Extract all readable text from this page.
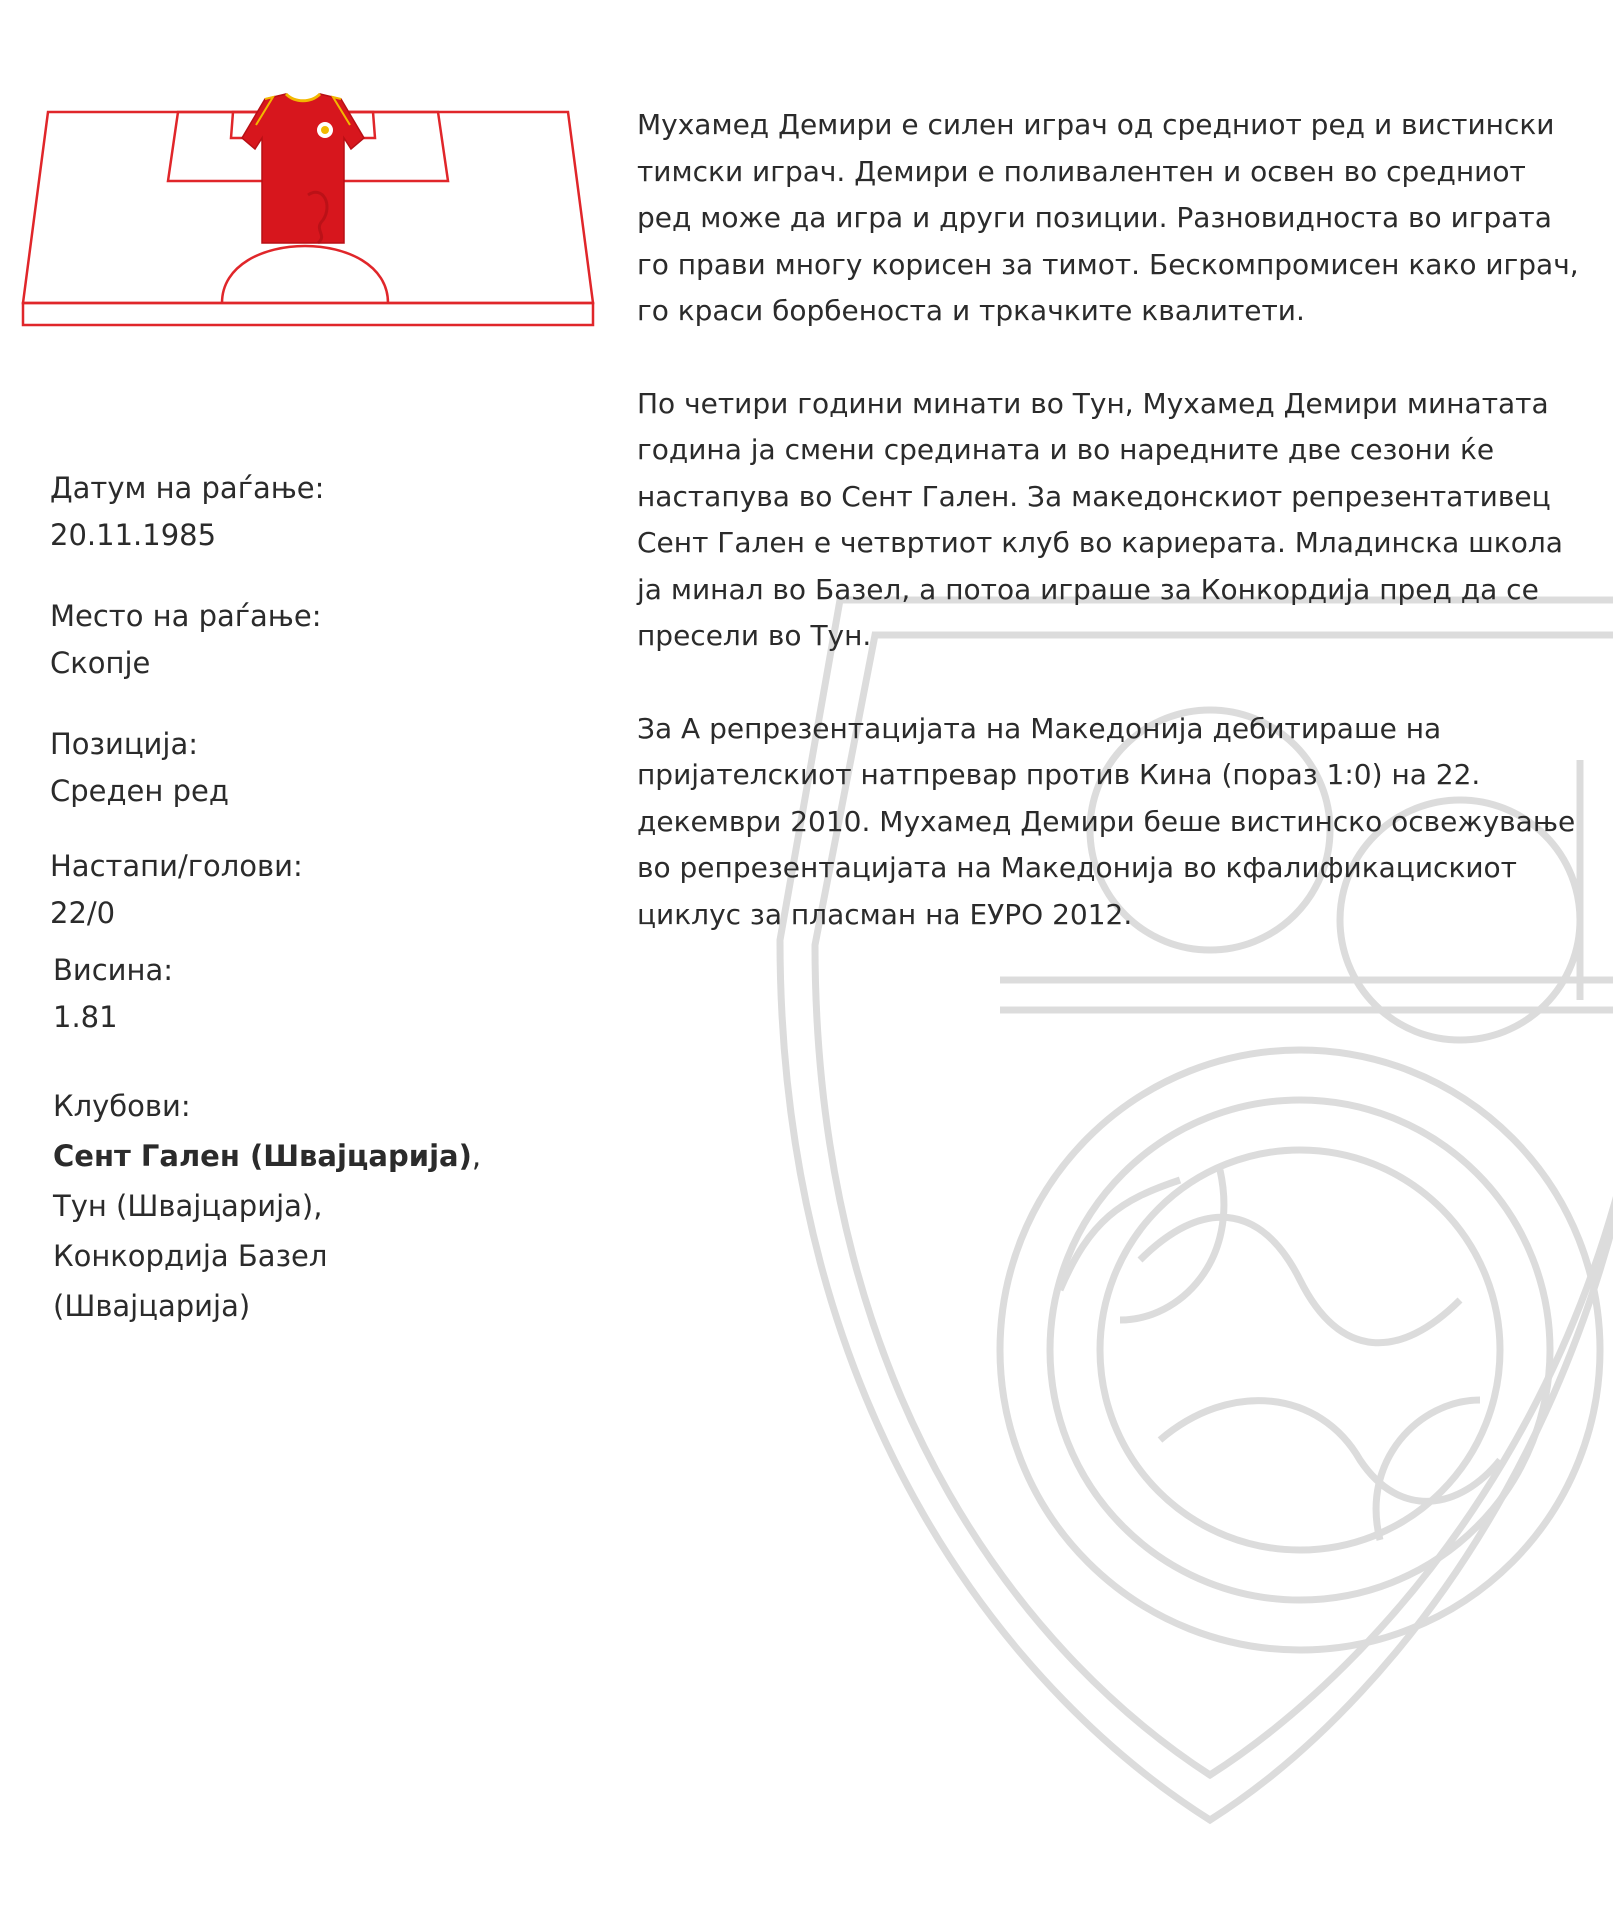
Датум на раѓање:
20.11.1985
Место на раѓање:
Скопје
Позиција:
Среден ред
Настапи/голови:
22/0
Висина:
1.81
Клубови:
Сент Гален (Швајцарија),
Тун (Швајцарија),
Конкордија Базел
(Швајцарија)

Мухамед Демири е силен играч од средниот ред и вистински тимски играч. Демири е поливалентен и освен во средниот ред може да игра и други позиции. Разновидноста во играта го прави многу корисен за тимот. Бескомпромисен како играч, го краси борбеноста и тркачките квалитети.

По четири години минати во Тун, Мухамед Демири минатата година ја смени средината и во наредните две сезони ќе настапува во Сент Гален. За македонскиот репрезентативец Сент Гален е четвртиот клуб во кариерата. Младинска школа ја минал во Базел, а потоа играше за Конкордија пред да се пресели во Тун.

За А репрезентацијата на Македонија дебитираше на пријателскиот натпревар против Кина (пораз 1:0) на 22. декември 2010. Мухамед Демири беше вистинско освежување во репрезентацијата на Македонија во кфалификацискиот циклус за пласман на ЕУРО 2012.
